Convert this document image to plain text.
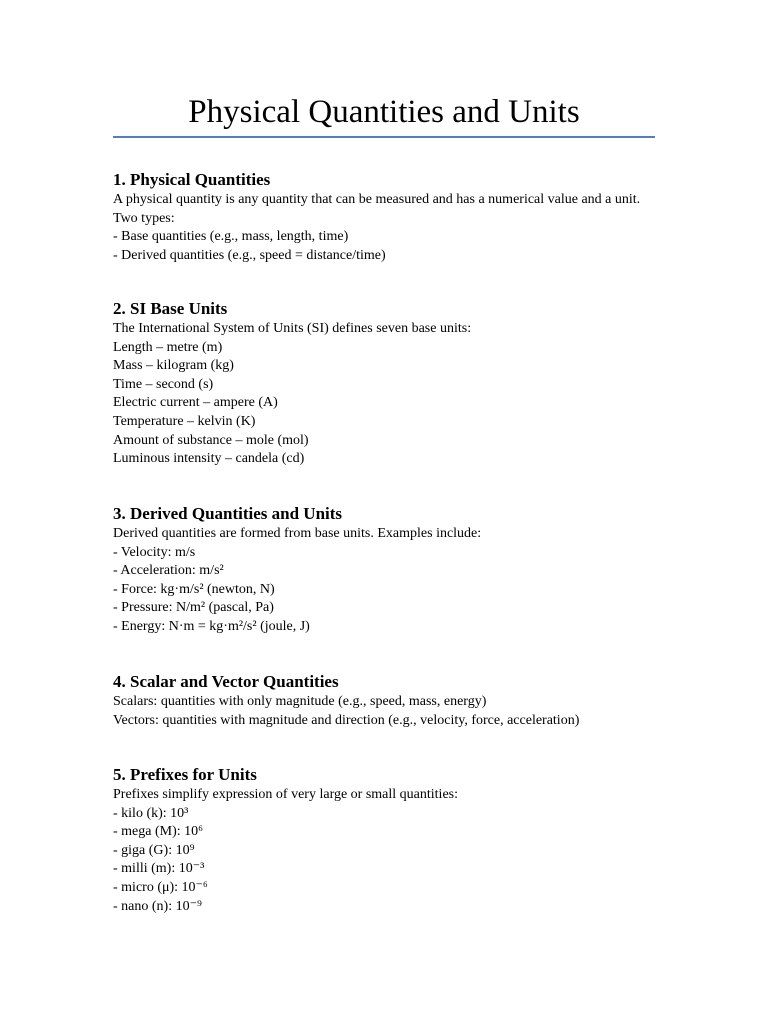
Physical Quantities and Units
1. Physical Quantities
A physical quantity is any quantity that can be measured and has a numerical value and a unit.
Two types:
- Base quantities (e.g., mass, length, time)
- Derived quantities (e.g., speed = distance/time)
2. SI Base Units
The International System of Units (SI) defines seven base units:
Length – metre (m)
Mass – kilogram (kg)
Time – second (s)
Electric current – ampere (A)
Temperature – kelvin (K)
Amount of substance – mole (mol)
Luminous intensity – candela (cd)
3. Derived Quantities and Units
Derived quantities are formed from base units. Examples include:
- Velocity: m/s
- Acceleration: m/s²
- Force: kg·m/s² (newton, N)
- Pressure: N/m² (pascal, Pa)
- Energy: N·m = kg·m²/s² (joule, J)
4. Scalar and Vector Quantities
Scalars: quantities with only magnitude (e.g., speed, mass, energy)
Vectors: quantities with magnitude and direction (e.g., velocity, force, acceleration)
5. Prefixes for Units
Prefixes simplify expression of very large or small quantities:
- kilo (k): 10³
- mega (M): 10⁶
- giga (G): 10⁹
- milli (m): 10⁻³
- micro (μ): 10⁻⁶
- nano (n): 10⁻⁹
